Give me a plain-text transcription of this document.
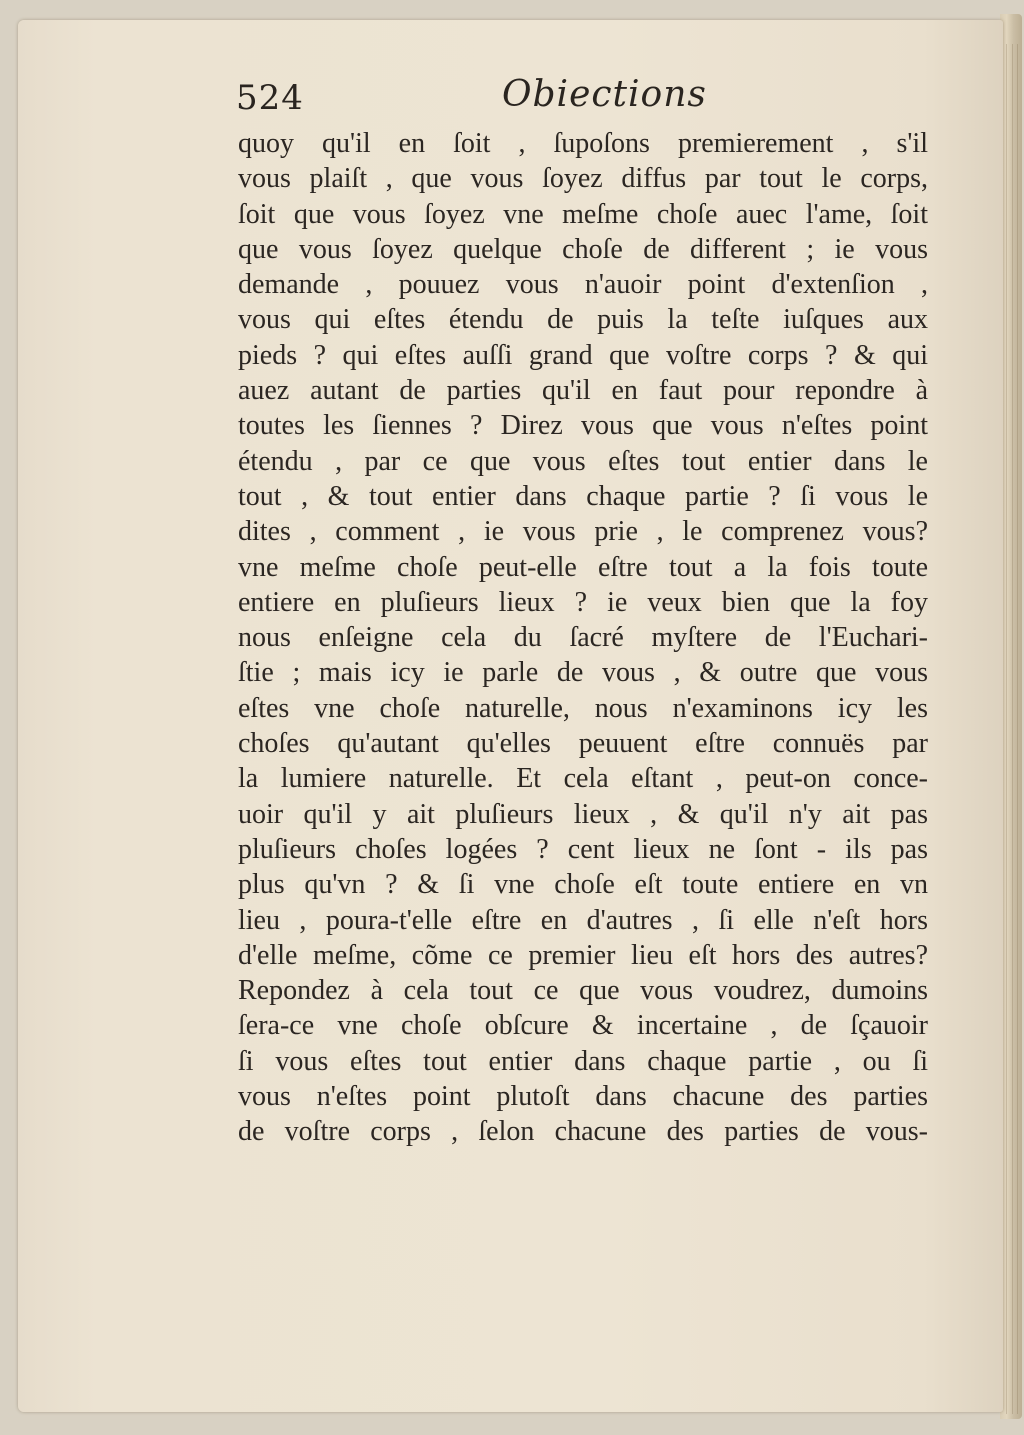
524	Obiections
quoy qu'il en ſoit , ſupoſons premierement , s'il
vous plaiſt , que vous ſoyez diffus par tout le corps,
ſoit que vous ſoyez vne meſme choſe auec l'ame, ſoit
que vous ſoyez quelque choſe de different ; ie vous
demande , pouuez vous n'auoir point d'extenſion ,
vous qui eſtes étendu de puis la teſte iuſques aux
pieds ? qui eſtes auſſi grand que voſtre corps ? & qui
auez autant de parties qu'il en faut pour repondre à
toutes les ſiennes ? Direz vous que vous n'eſtes point
étendu , par ce que vous eſtes tout entier dans le
tout , & tout entier dans chaque partie ? ſi vous le
dites , comment , ie vous prie , le comprenez vous?
vne meſme choſe peut-elle eſtre tout a la fois toute
entiere en pluſieurs lieux ? ie veux bien que la foy
nous enſeigne cela du ſacré myſtere de l'Euchari-
ſtie ; mais icy ie parle de vous , & outre que vous
eſtes vne choſe naturelle, nous n'examinons icy les
choſes qu'autant qu'elles peuuent eſtre connuës par
la lumiere naturelle. Et cela eſtant , peut-on conce-
uoir qu'il y ait pluſieurs lieux , & qu'il n'y ait pas
pluſieurs choſes logées ? cent lieux ne ſont - ils pas
plus qu'vn ? & ſi vne choſe eſt toute entiere en vn
lieu , poura-t'elle eſtre en d'autres , ſi elle n'eſt hors
d'elle meſme, cõme ce premier lieu eſt hors des autres?
Repondez à cela tout ce que vous voudrez, dumoins
ſera-ce vne choſe obſcure & incertaine , de ſçauoir
ſi vous eſtes tout entier dans chaque partie , ou ſi
vous n'eſtes point plutoſt dans chacune des parties
de voſtre corps , ſelon chacune des parties de vous-
